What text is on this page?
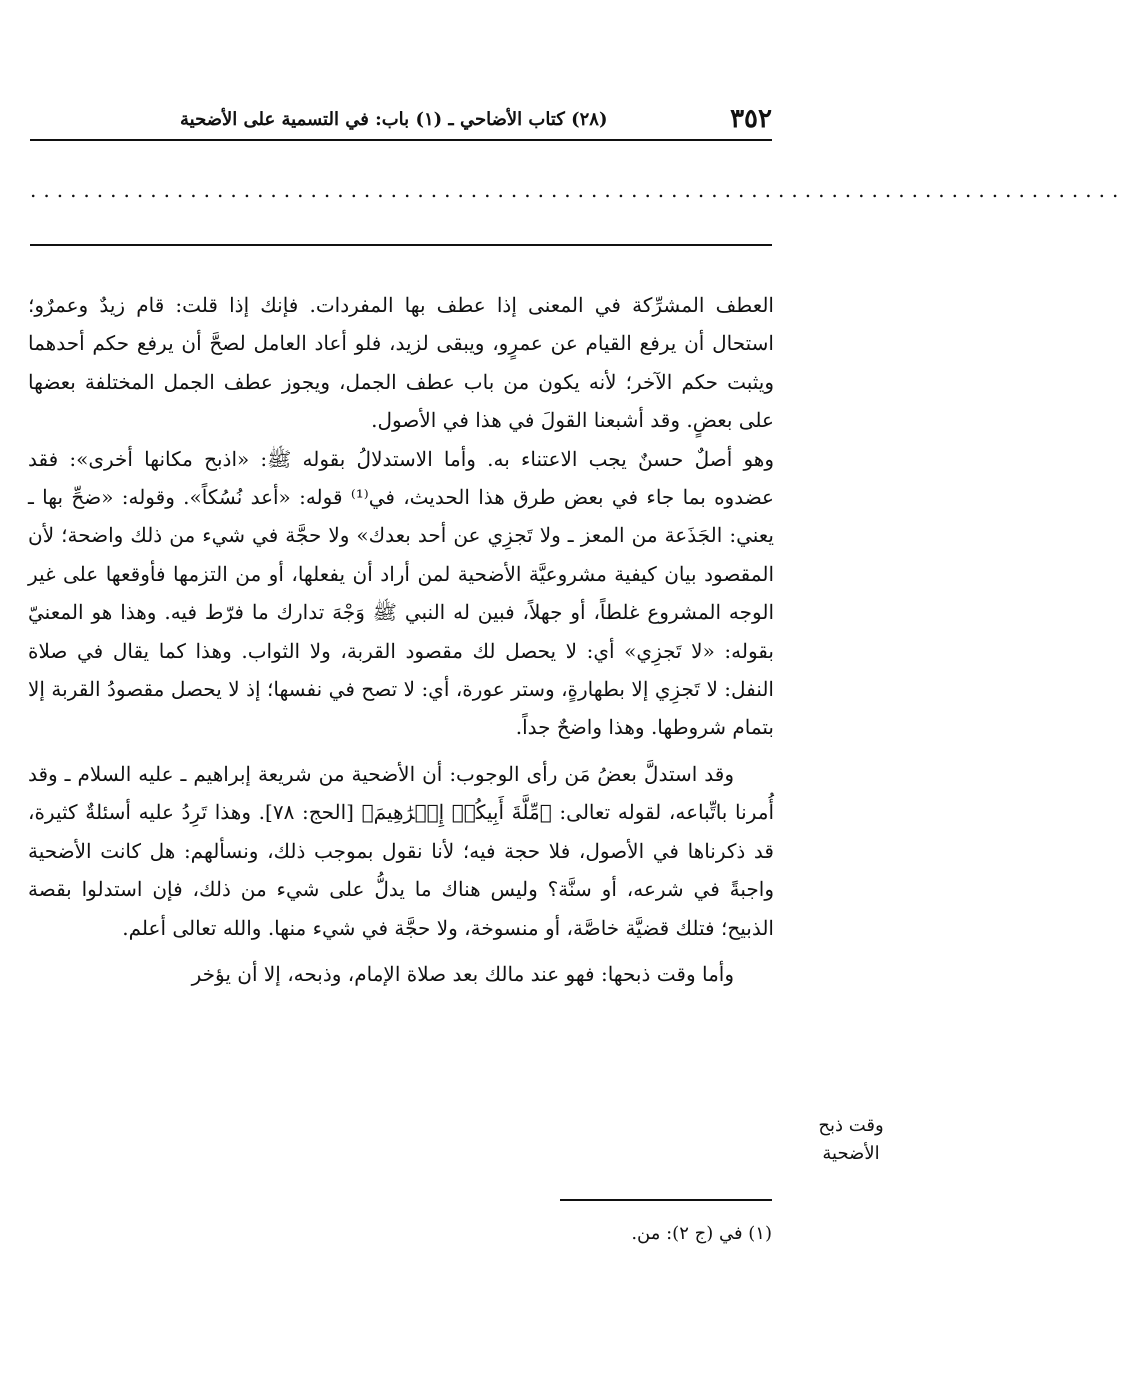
٣٥٢
(٢٨) كتاب الأضاحي ـ (١) باب: في التسمية على الأضحية
..................................................................................

العطف المشرِّكة في المعنى إذا عطف بها المفردات. فإنك إذا قلت: قام زيدٌ وعمرٌو؛ استحال أن يرفع القيام عن عمرٍو، ويبقى لزيد، فلو أعاد العامل لصحَّ أن يرفع حكم أحدهما ويثبت حكم الآخر؛ لأنه يكون من باب عطف الجمل، ويجوز عطف الجمل المختلفة بعضها على بعضٍ. وقد أشبعنا القولَ في هذا في الأصول.

وهو أصلٌ حسنٌ يجب الاعتناء به. وأما الاستدلالُ بقوله ﷺ: «اذبح مكانها أخرى»: فقد عضدوه بما جاء في بعض طرق هذا الحديث، في⁽¹⁾ قوله: «أعد نُسُكاً». وقوله: «ضحِّ بها ـ يعني: الجَذَعة من المعز ـ ولا تَجزِي عن أحد بعدك» ولا حجَّة في شيء من ذلك واضحة؛ لأن المقصود بيان كيفية مشروعيَّة الأضحية لمن أراد أن يفعلها، أو من التزمها فأوقعها على غير الوجه المشروع غلطاً، أو جهلاً، فبين له النبي ﷺ وَجْهَ تدارك ما فرّط فيه. وهذا هو المعنيّ بقوله: «لا تَجزِي» أي: لا يحصل لك مقصود القربة، ولا الثواب. وهذا كما يقال في صلاة النفل: لا تَجزِي إلا بطهارةٍ، وستر عورة، أي: لا تصح في نفسها؛ إذ لا يحصل مقصودُ القربة إلا بتمام شروطها. وهذا واضحٌ جداً.

وقد استدلَّ بعضُ مَن رأى الوجوب: أن الأضحية من شريعة إبراهيم ـ عليه السلام ـ وقد أُمرنا باتِّباعه، لقوله تعالى: ﴿مِّلَّةَ أَبِيكُمۡ إِبۡرَٰهِيمَ﴾ [الحج: ٧٨]. وهذا تَرِدُ عليه أسئلةٌ كثيرة، قد ذكرناها في الأصول، فلا حجة فيه؛ لأنا نقول بموجب ذلك، ونسألهم: هل كانت الأضحية واجبةً في شرعه، أو سنَّة؟ وليس هناك ما يدلُّ على شيء من ذلك، فإن استدلوا بقصة الذبيح؛ فتلك قضيَّة خاصَّة، أو منسوخة، ولا حجَّة في شيء منها. والله تعالى أعلم.

وأما وقت ذبحها: فهو عند مالك بعد صلاة الإمام، وذبحه، إلا أن يؤخر

وقت ذبح الأضحية
(١) في (ج ٢): من.
